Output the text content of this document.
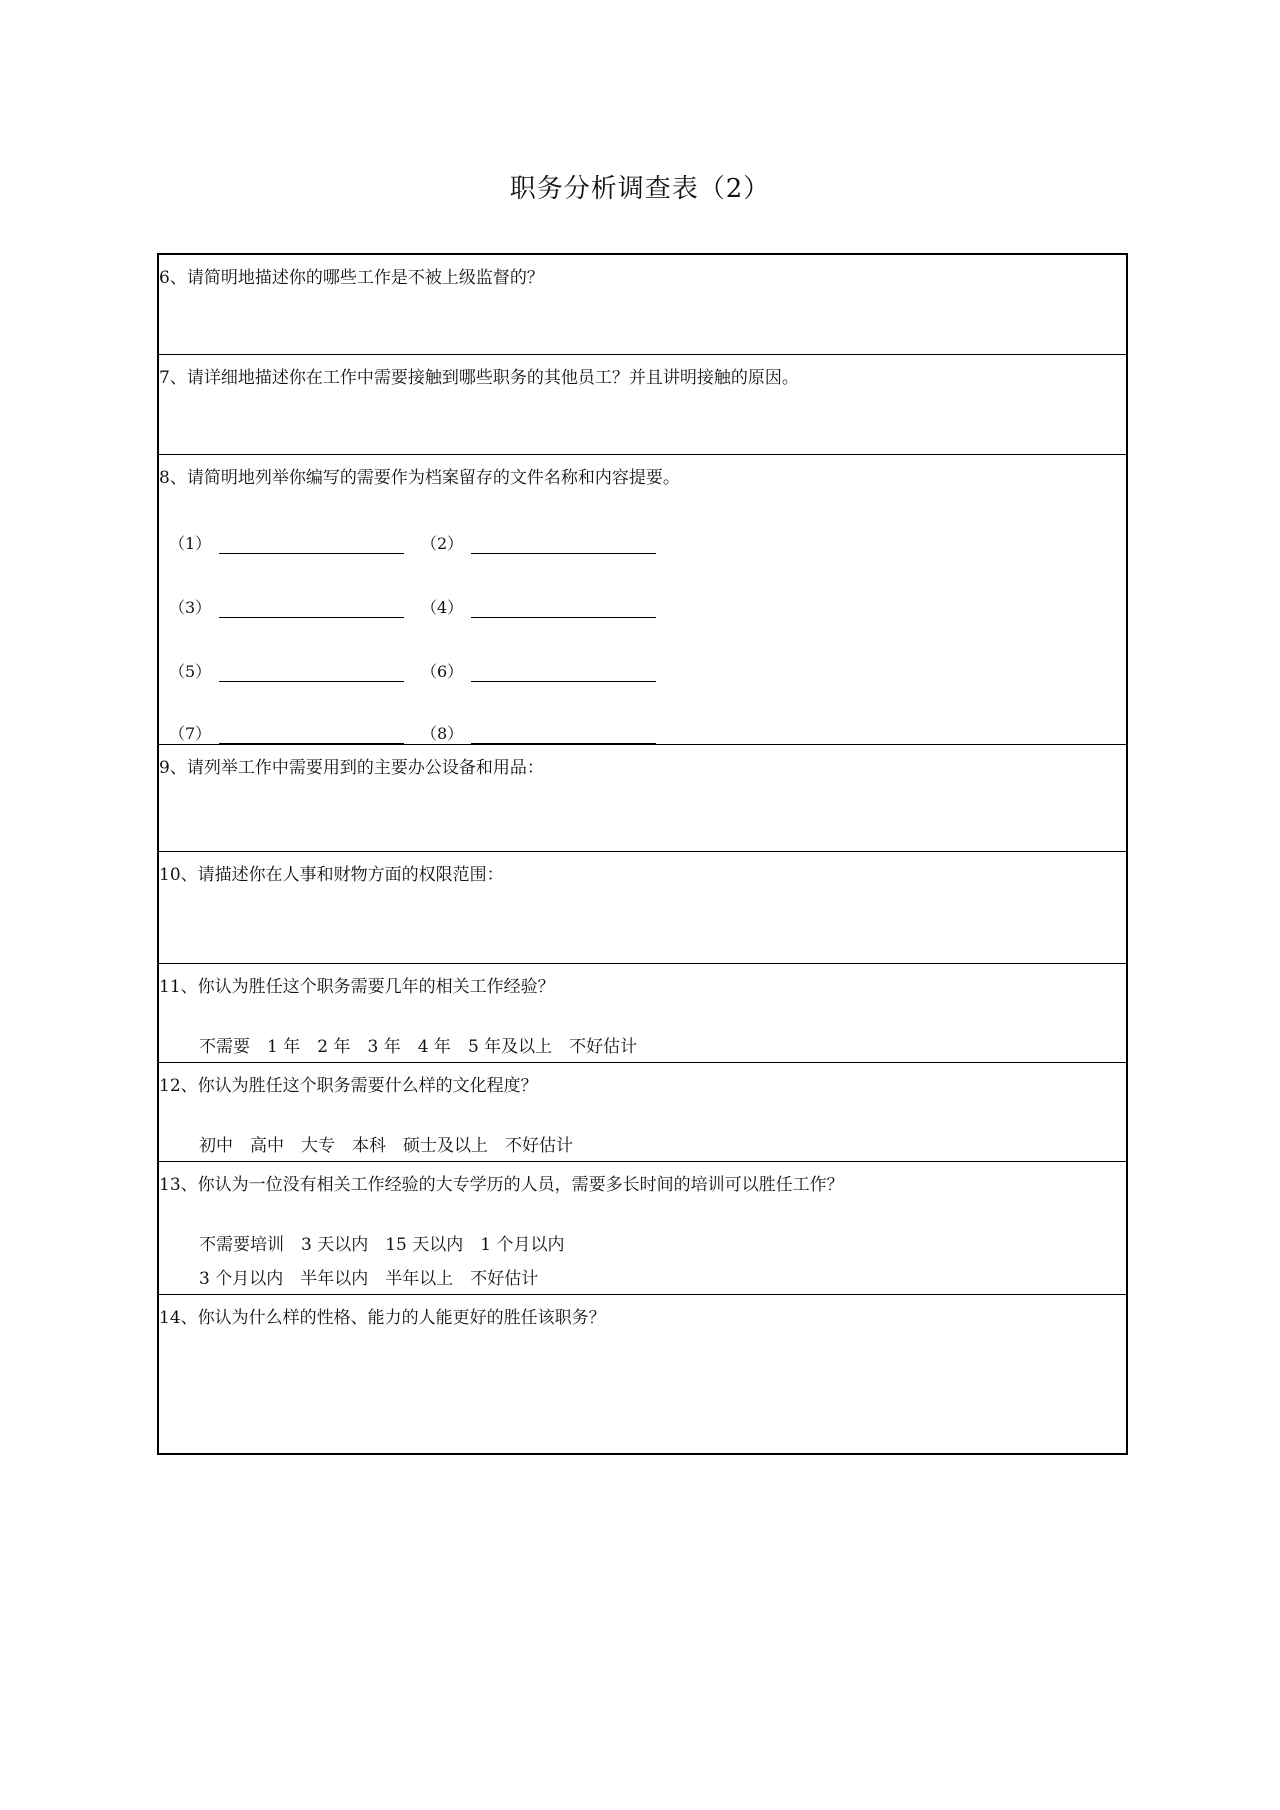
职务分析调查表（2）
6、请简明地描述你的哪些工作是不被上级监督的？
7、请详细地描述你在工作中需要接触到哪些职务的其他员工？并且讲明接触的原因。
8、请简明地列举你编写的需要作为档案留存的文件名称和内容提要。
（1）	（2）
（3）	（4）
（5）	（6）
（7）	（8）
9、请列举工作中需要用到的主要办公设备和用品：
10、请描述你在人事和财物方面的权限范围：
11、你认为胜任这个职务需要几年的相关工作经验？
不需要 1 年 2 年 3 年 4 年 5 年及以上 不好估计
12、你认为胜任这个职务需要什么样的文化程度？
初中 高中 大专 本科 硕士及以上 不好估计
13、你认为一位没有相关工作经验的大专学历的人员，需要多长时间的培训可以胜任工作？
不需要培训 3 天以内 15 天以内 1 个月以内
3 个月以内 半年以内 半年以上 不好估计
14、你认为什么样的性格、能力的人能更好的胜任该职务？
